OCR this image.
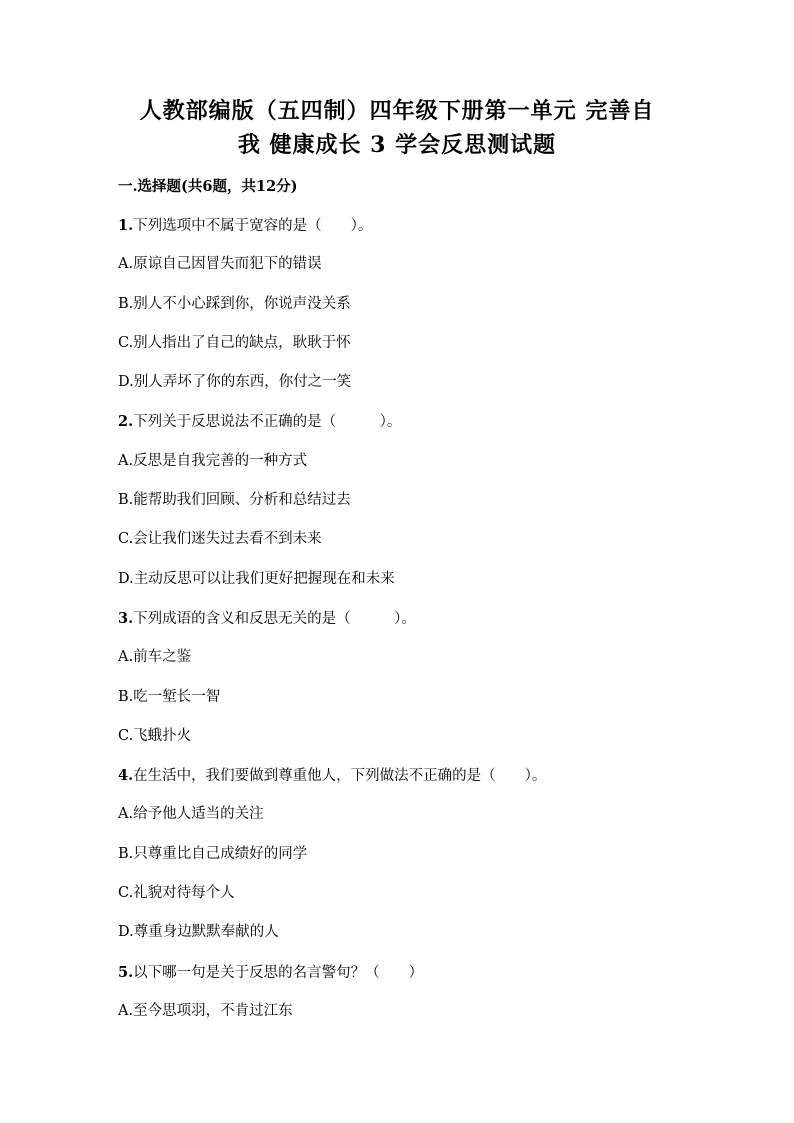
人教部编版（五四制）四年级下册第一单元 完善自
我 健康成长 3 学会反思测试题
一.选择题(共6题，共12分)
1.下列选项中不属于宽容的是（　　）。
A.原谅自己因冒失而犯下的错误
B.别人不小心踩到你，你说声没关系
C.别人指出了自己的缺点，耿耿于怀
D.别人弄坏了你的东西，你付之一笑
2.下列关于反思说法不正确的是（　　　）。
A.反思是自我完善的一种方式
B.能帮助我们回顾、分析和总结过去
C.会让我们迷失过去看不到未来
D.主动反思可以让我们更好把握现在和未来
3.下列成语的含义和反思无关的是（　　　）。
A.前车之鉴
B.吃一堑长一智
C.飞蛾扑火
4.在生活中，我们要做到尊重他人，下列做法不正确的是（　　）。
A.给予他人适当的关注
B.只尊重比自己成绩好的同学
C.礼貌对待每个人
D.尊重身边默默奉献的人
5.以下哪一句是关于反思的名言警句？（　　）
A.至今思项羽，不肯过江东
